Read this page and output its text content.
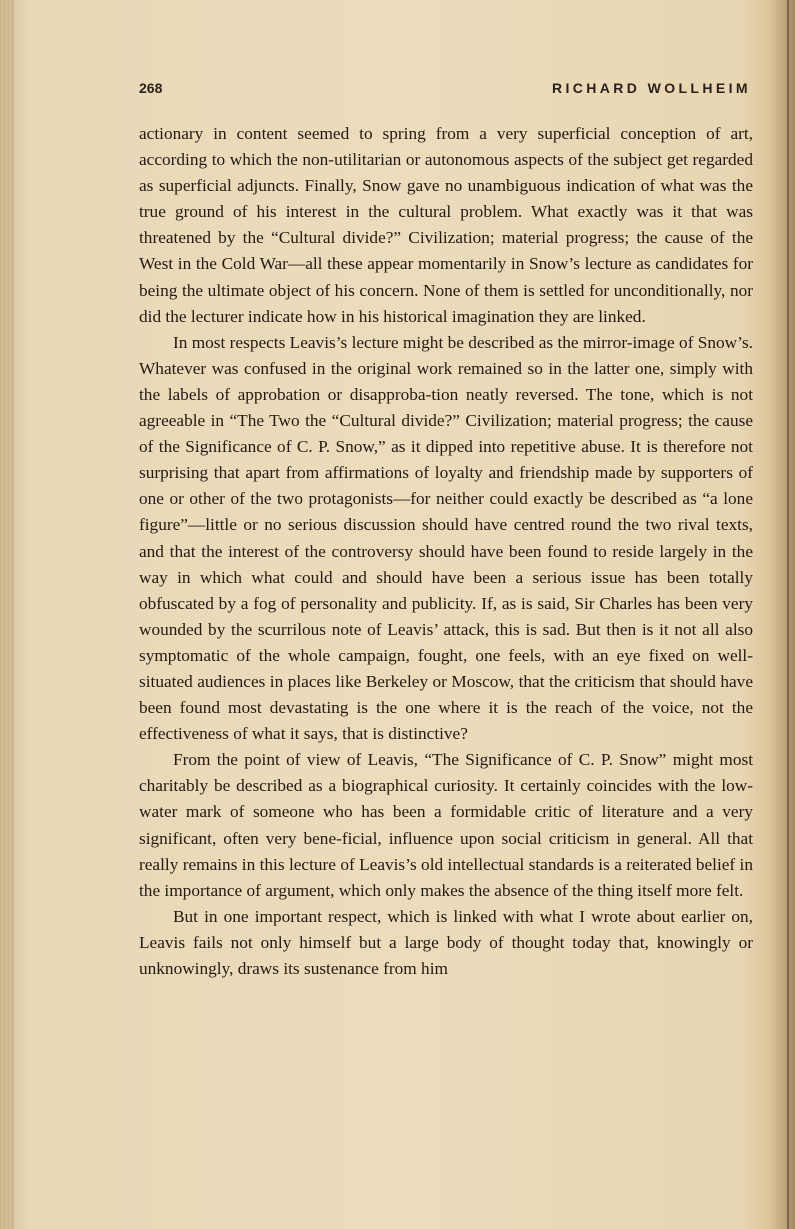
268	RICHARD WOLLHEIM

actionary in content seemed to spring from a very superficial conception of art, according to which the non-utilitarian or autonomous aspects of the subject get regarded as superficial adjuncts. Finally, Snow gave no unambiguous indication of what was the true ground of his interest in the cultural problem. What exactly was it that was threatened by the “Cultural divide?” Civilization; material progress; the cause of the West in the Cold War—all these appear momentarily in Snow’s lecture as candidates for being the ultimate object of his concern. None of them is settled for unconditionally, nor did the lecturer indicate how in his historical imagination they are linked.

In most respects Leavis’s lecture might be described as the mirror-image of Snow’s. Whatever was confused in the original work remained so in the latter one, simply with the labels of approbation or disapproba-tion neatly reversed. The tone, which is not agreeable in “The Two the “Cultural divide?” Civilization; material progress; the cause of the Significance of C. P. Snow,” as it dipped into repetitive abuse. It is therefore not surprising that apart from affirmations of loyalty and friendship made by supporters of one or other of the two protagonists—for neither could exactly be described as “a lone figure”—little or no serious discussion should have centred round the two rival texts, and that the interest of the controversy should have been found to reside largely in the way in which what could and should have been a serious issue has been totally obfuscated by a fog of personality and publicity. If, as is said, Sir Charles has been very wounded by the scurrilous note of Leavis’ attack, this is sad. But then is it not all also symptomatic of the whole campaign, fought, one feels, with an eye fixed on well-situated audiences in places like Berkeley or Moscow, that the criticism that should have been found most devastating is the one where it is the reach of the voice, not the effectiveness of what it says, that is distinctive?

From the point of view of Leavis, “The Significance of C. P. Snow” might most charitably be described as a biographical curiosity. It certainly coincides with the low-water mark of someone who has been a formidable critic of literature and a very significant, often very bene-ficial, influence upon social criticism in general. All that really remains in this lecture of Leavis’s old intellectual standards is a reiterated belief in the importance of argument, which only makes the absence of the thing itself more felt.

But in one important respect, which is linked with what I wrote about earlier on, Leavis fails not only himself but a large body of thought today that, knowingly or unknowingly, draws its sustenance from him
